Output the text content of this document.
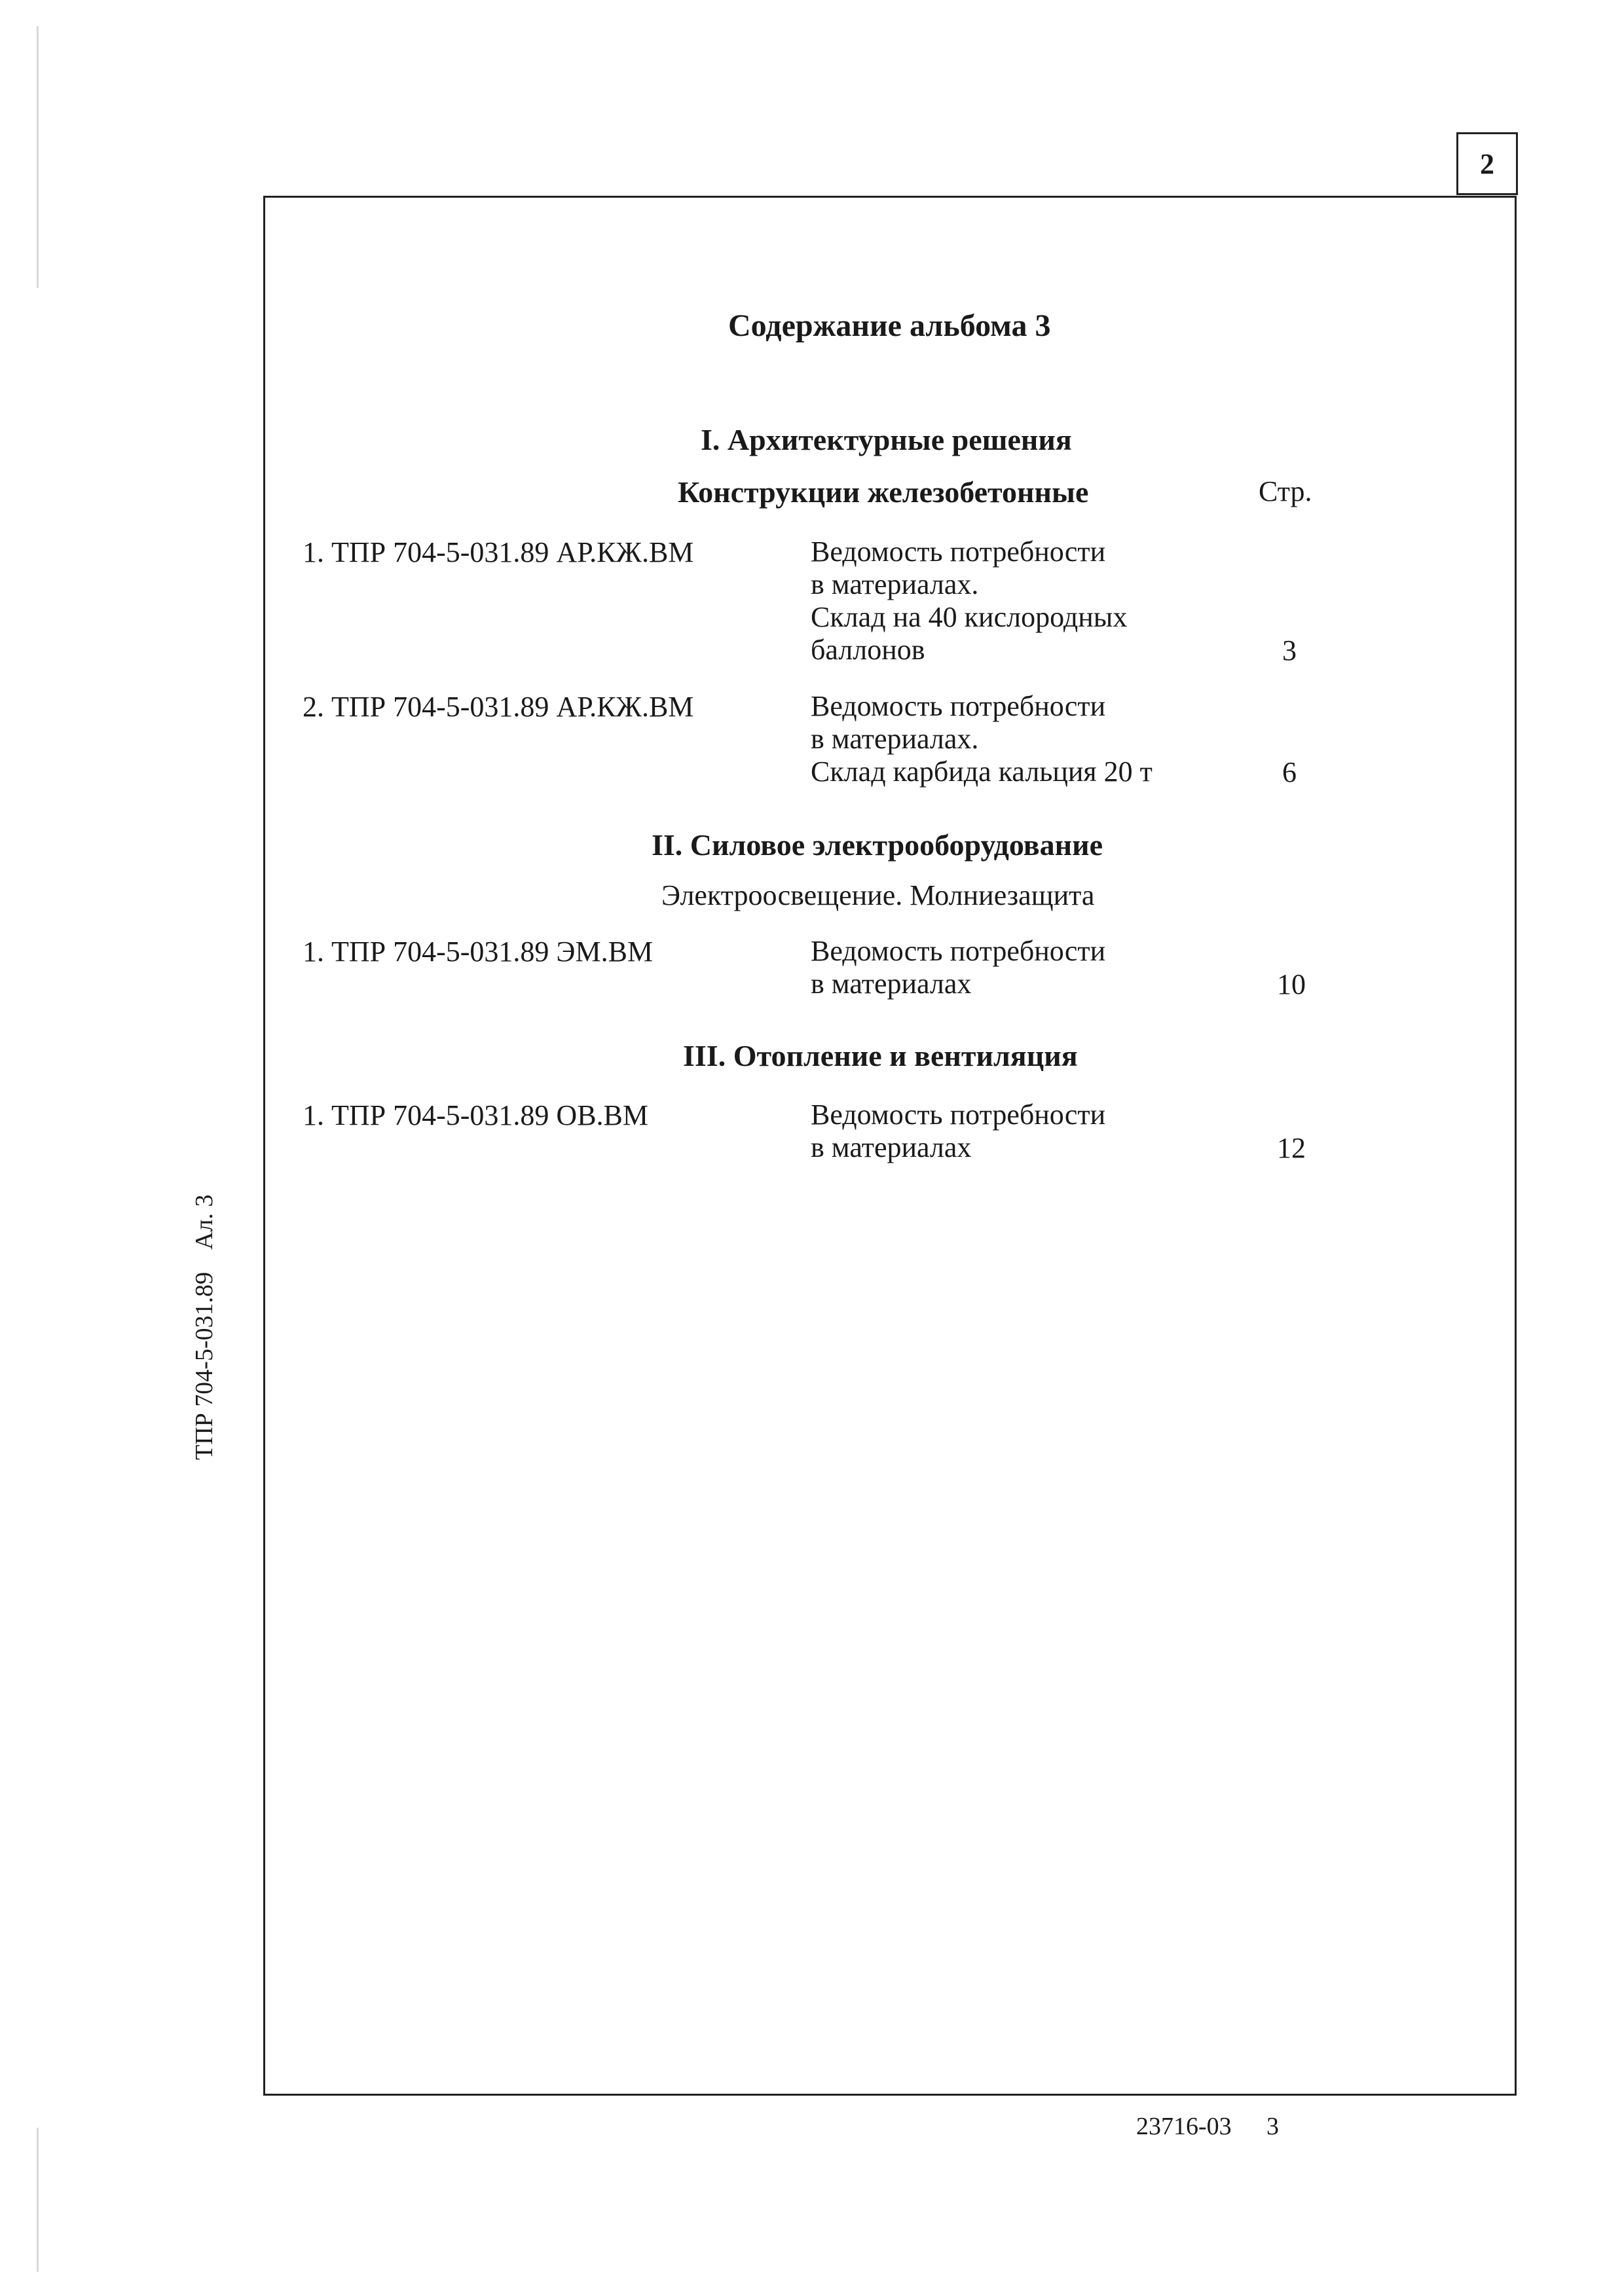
2
Содержание альбома 3
I. Архитектурные решения
Конструкции железобетонные	Стр.
1. ТПР 704-5-031.89 АР.КЖ.ВМ	Ведомость потребности
в материалах.
Склад на 40 кислородных
баллонов	3
2. ТПР 704-5-031.89 АР.КЖ.ВМ	Ведомость потребности
в материалах.
Склад карбида кальция 20 т	6
II. Силовое электрооборудование
Электроосвещение. Молниезащита
1. ТПР 704-5-031.89 ЭМ.ВМ	Ведомость потребности
в материалах	10
III. Отопление и вентиляция
1. ТПР 704-5-031.89 ОВ.ВМ	Ведомость потребности
в материалах	12
ТПР 704-5-031.89Ал. 3
23716-03 3
